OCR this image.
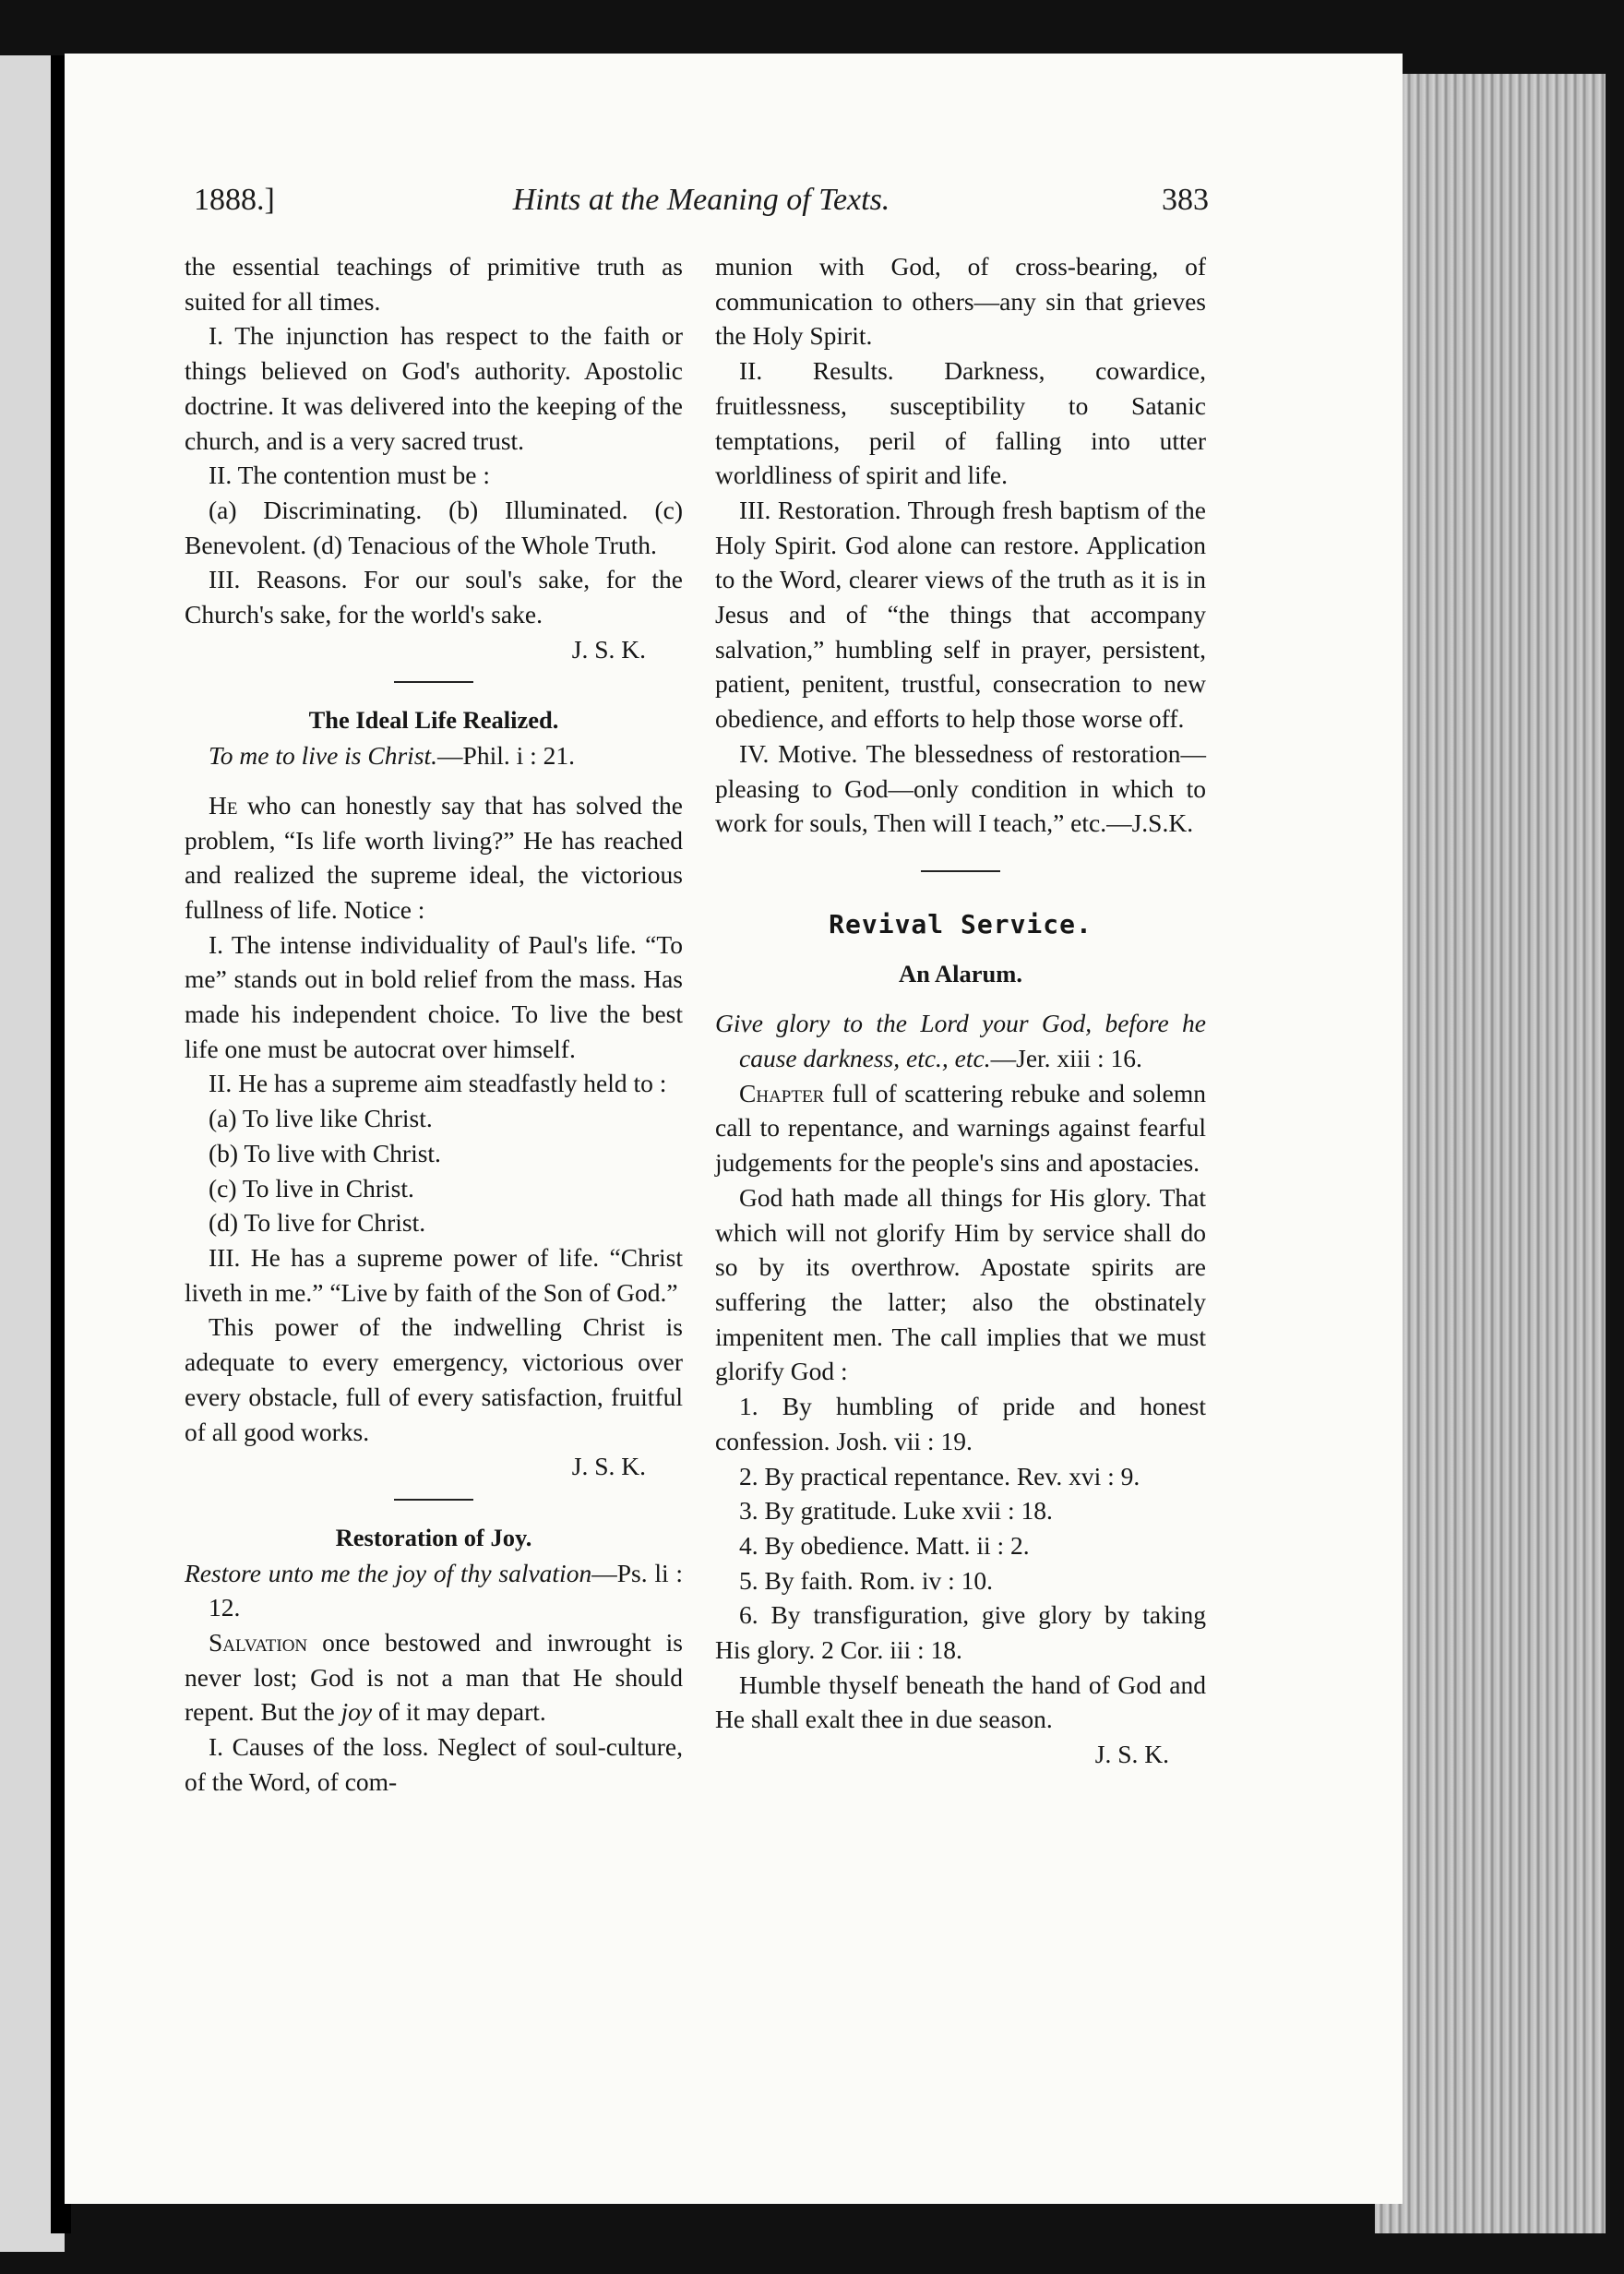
1888.]	Hints at the Meaning of Texts.	383

the essential teachings of primitive truth as suited for all times.

I. The injunction has respect to the faith or things believed on God's authority. Apostolic doctrine. It was delivered into the keeping of the church, and is a very sacred trust.

II. The contention must be :

(a) Discriminating. (b) Illuminated. (c) Benevolent. (d) Tenacious of the Whole Truth.

III. Reasons. For our soul's sake, for the Church's sake, for the world's sake.

J. S. K.

The Ideal Life Realized.

To me to live is Christ.—Phil. i : 21.

He who can honestly say that has solved the problem, “Is life worth living?” He has reached and realized the supreme ideal, the victorious fullness of life. Notice :

I. The intense individuality of Paul's life. “To me” stands out in bold relief from the mass. Has made his independent choice. To live the best life one must be autocrat over himself.

II. He has a supreme aim steadfastly held to :

(a) To live like Christ.

(b) To live with Christ.

(c) To live in Christ.

(d) To live for Christ.

III. He has a supreme power of life. “Christ liveth in me.” “Live by faith of the Son of God.”

This power of the indwelling Christ is adequate to every emergency, victorious over every obstacle, full of every satisfaction, fruitful of all good works.

J. S. K.

Restoration of Joy.

Restore unto me the joy of thy salvation—Ps. li : 12.

Salvation once bestowed and inwrought is never lost; God is not a man that He should repent. But the joy of it may depart.

I. Causes of the loss. Neglect of soul-culture, of the Word, of com-

munion with God, of cross-bearing, of communication to others—any sin that grieves the Holy Spirit.

II. Results. Darkness, cowardice, fruitlessness, susceptibility to Satanic temptations, peril of falling into utter worldliness of spirit and life.

III. Restoration. Through fresh baptism of the Holy Spirit. God alone can restore. Application to the Word, clearer views of the truth as it is in Jesus and of “the things that accompany salvation,” humbling self in prayer, persistent, patient, penitent, trustful, consecration to new obedience, and efforts to help those worse off.

IV. Motive. The blessedness of restoration—pleasing to God—only condition in which to work for souls, Then will I teach,” etc.—J.S.K.

Revival Service.

An Alarum.

Give glory to the Lord your God, before he cause darkness, etc., etc.—Jer. xiii : 16.

Chapter full of scattering rebuke and solemn call to repentance, and warnings against fearful judgements for the people's sins and apostacies.

God hath made all things for His glory. That which will not glorify Him by service shall do so by its overthrow. Apostate spirits are suffering the latter; also the obstinately impenitent men. The call implies that we must glorify God :

1. By humbling of pride and honest confession. Josh. vii : 19.

2. By practical repentance. Rev. xvi : 9.

3. By gratitude. Luke xvii : 18.

4. By obedience. Matt. ii : 2.

5. By faith. Rom. iv : 10.

6. By transfiguration, give glory by taking His glory. 2 Cor. iii : 18.

Humble thyself beneath the hand of God and He shall exalt thee in due season.

J. S. K.
